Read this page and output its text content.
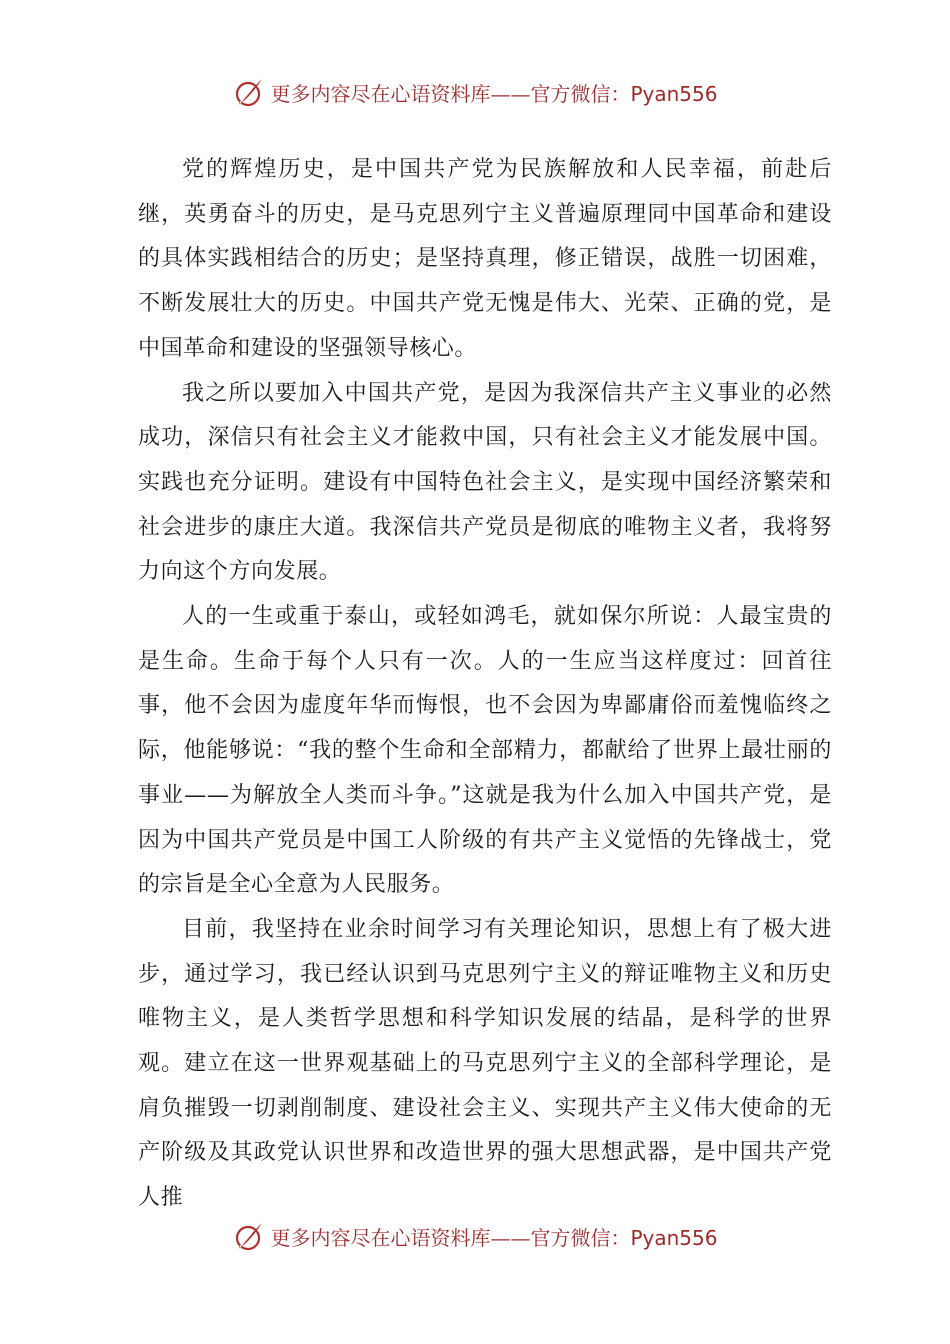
更多内容尽在心语资料库——官方微信：Pyan556

党的辉煌历史，是中国共产党为民族解放和人民幸福，前赴后继，英勇奋斗的历史，是马克思列宁主义普遍原理同中国革命和建设的具体实践相结合的历史；是坚持真理，修正错误，战胜一切困难，不断发展壮大的历史。中国共产党无愧是伟大、光荣、正确的党，是中国革命和建设的坚强领导核心。

我之所以要加入中国共产党，是因为我深信共产主义事业的必然成功，深信只有社会主义才能救中国，只有社会主义才能发展中国。实践也充分证明。建设有中国特色社会主义，是实现中国经济繁荣和社会进步的康庄大道。我深信共产党员是彻底的唯物主义者，我将努力向这个方向发展。

人的一生或重于泰山，或轻如鸿毛，就如保尔所说：人最宝贵的是生命。生命于每个人只有一次。人的一生应当这样度过：回首往事，他不会因为虚度年华而悔恨，也不会因为卑鄙庸俗而羞愧临终之际，他能够说：“我的整个生命和全部精力，都献给了世界上最壮丽的事业——为解放全人类而斗争。”这就是我为什么加入中国共产党，是因为中国共产党员是中国工人阶级的有共产主义觉悟的先锋战士，党的宗旨是全心全意为人民服务。

目前，我坚持在业余时间学习有关理论知识，思想上有了极大进步，通过学习，我已经认识到马克思列宁主义的辩证唯物主义和历史唯物主义，是人类哲学思想和科学知识发展的结晶，是科学的世界观。建立在这一世界观基础上的马克思列宁主义的全部科学理论，是肩负摧毁一切剥削制度、建设社会主义、实现共产主义伟大使命的无产阶级及其政党认识世界和改造世界的强大思想武器，是中国共产党人推

更多内容尽在心语资料库——官方微信：Pyan556
